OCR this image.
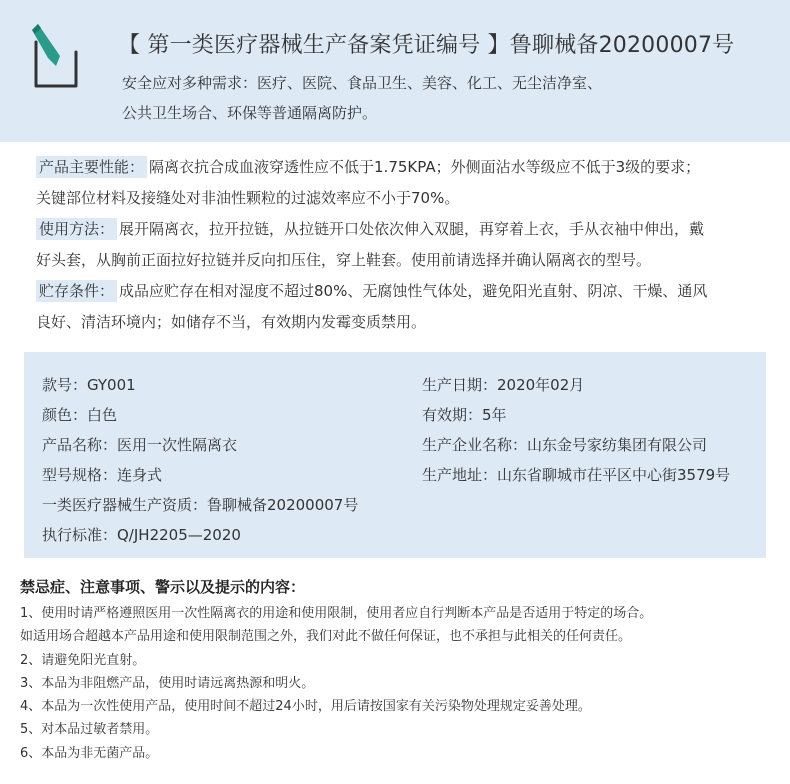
【 第一类医疗器械生产备案凭证编号 】鲁聊械备20200007号
安全应对多种需求：医疗、医院、食品卫生、美容、化工、无尘洁净室、
公共卫生场合、环保等普通隔离防护。
产品主要性能： 隔离衣抗合成血液穿透性应不低于1.75KPA；外侧面沾水等级应不低于3级的要求；
关键部位材料及接缝处对非油性颗粒的过滤效率应不小于70%。
使用方法： 展开隔离衣，拉开拉链，从拉链开口处依次伸入双腿，再穿着上衣，手从衣袖中伸出，戴
好头套，从胸前正面拉好拉链并反向扣压住，穿上鞋套。使用前请选择并确认隔离衣的型号。
贮存条件： 成品应贮存在相对湿度不超过80%、无腐蚀性气体处，避免阳光直射、阴凉、干燥、通风
良好、清洁环境内；如储存不当，有效期内发霉变质禁用。
款号：GY001
颜色：白色
产品名称：医用一次性隔离衣
型号规格：连身式
一类医疗器械生产资质：鲁聊械备20200007号
执行标准：Q/JH2205—2020
生产日期：2020年02月
有效期：5年
生产企业名称：山东金号家纺集团有限公司
生产地址：山东省聊城市茌平区中心街3579号
禁忌症、注意事项、警示以及提示的内容：
1、使用时请严格遵照医用一次性隔离衣的用途和使用限制，使用者应自行判断本产品是否适用于特定的场合。
如适用场合超越本产品用途和使用限制范围之外，我们对此不做任何保证，也不承担与此相关的任何责任。
2、请避免阳光直射。
3、本品为非阻燃产品，使用时请远离热源和明火。
4、本品为一次性使用产品，使用时间不超过24小时，用后请按国家有关污染物处理规定妥善处理。
5、对本品过敏者禁用。
6、本品为非无菌产品。
